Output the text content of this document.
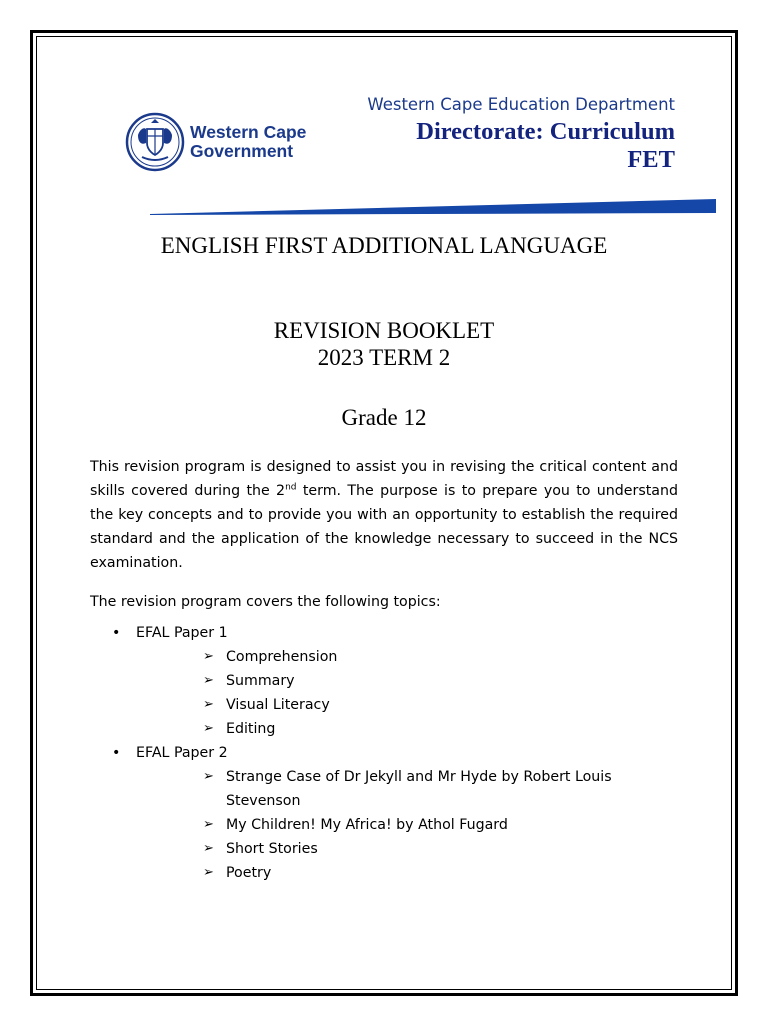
Western Cape
Government
Western Cape Education Department
Directorate: Curriculum
FET
ENGLISH FIRST ADDITIONAL LANGUAGE
REVISION BOOKLET
2023 TERM 2
Grade 12
This revision program is designed to assist you in revising the critical content and skills covered during the 2nd term. The purpose is to prepare you to understand the key concepts and to provide you with an opportunity to establish the required standard and the application of the knowledge necessary to succeed in the NCS examination.
The revision program covers the following topics:
• EFAL Paper 1
➢ Comprehension
➢ Summary
➢ Visual Literacy
➢ Editing
• EFAL Paper 2
➢ Strange Case of Dr Jekyll and Mr Hyde by Robert Louis Stevenson
➢ My Children! My Africa! by Athol Fugard
➢ Short Stories
➢ Poetry
